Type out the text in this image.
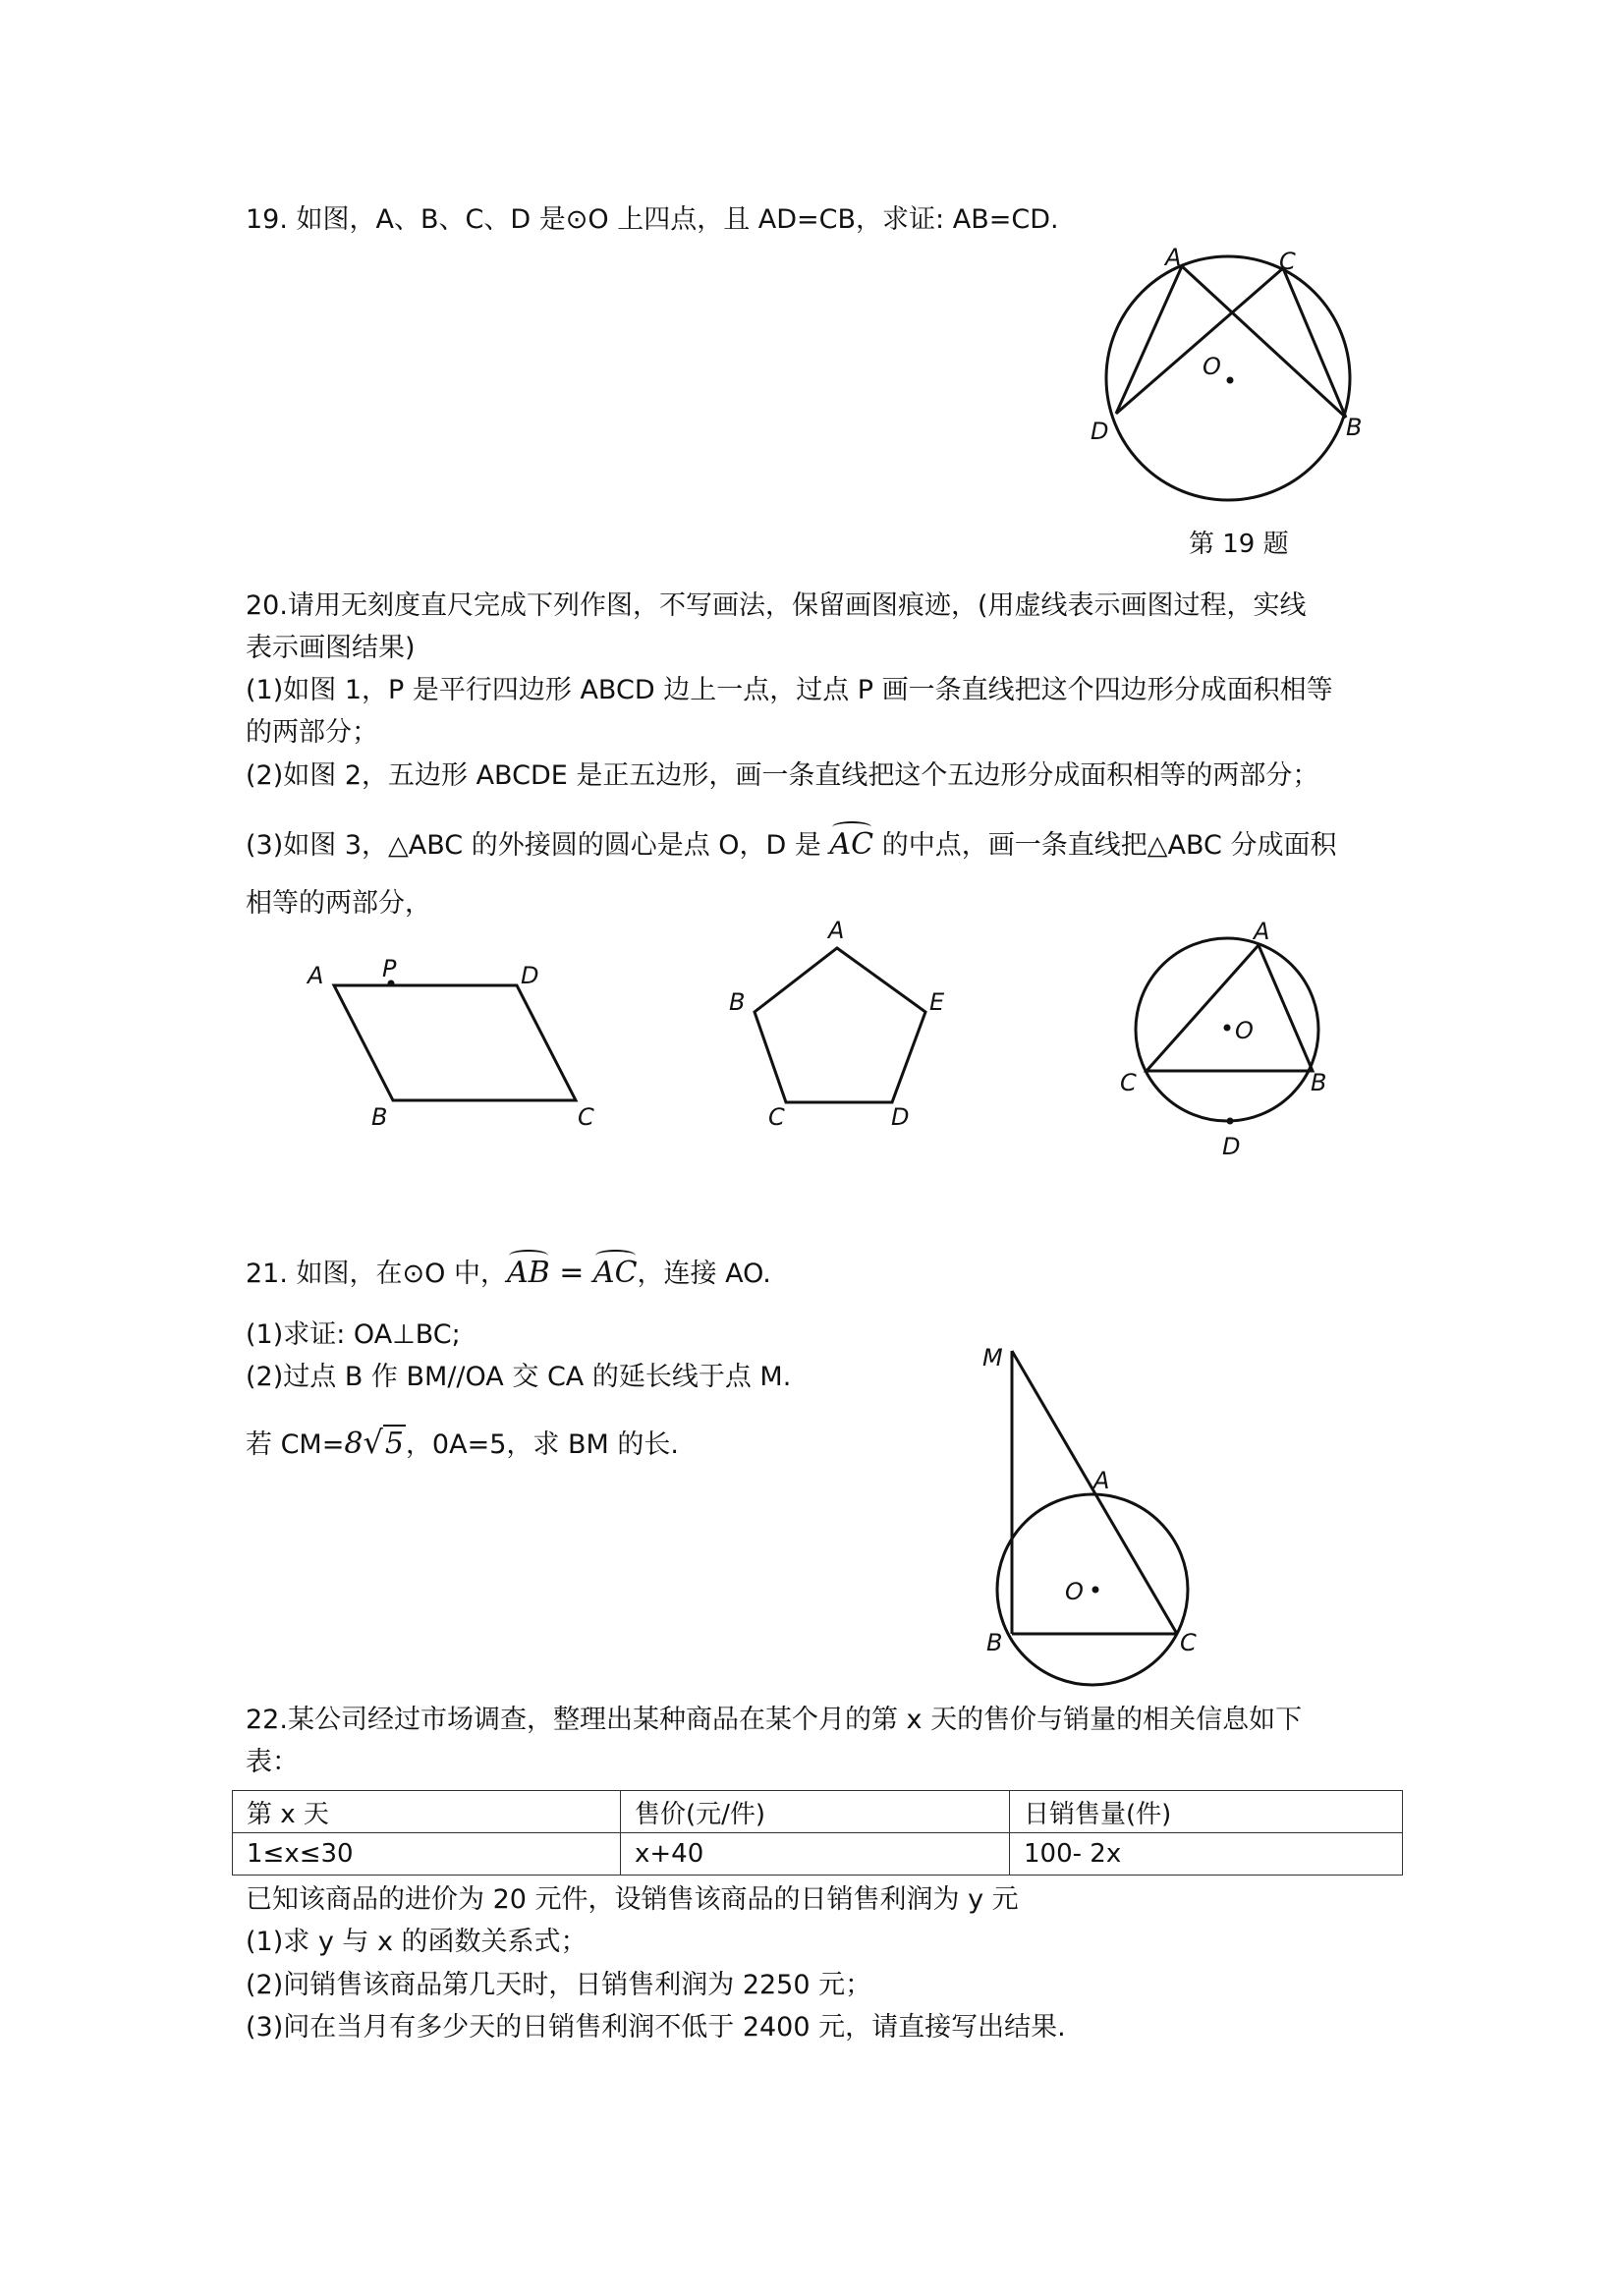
19. 如图，A、B、C、D 是⊙O 上四点，且 AD=CB，求证: AB=CD.
A	C
O
D	B
第 19 题
A P	D
B	C
A
B	E
C	D
A
O
C	B
D
M
A
O
B	C
20.请用无刻度直尺完成下列作图，不写画法，保留画图痕迹，(用虚线表示画图过程，实线
表示画图结果)
(1)如图 1，P 是平行四边形 ABCD 边上一点，过点 P 画一条直线把这个四边形分成面积相等
的两部分；
(2)如图 2，五边形 ABCDE 是正五边形，画一条直线把这个五边形分成面积相等的两部分；
(3)如图 3，△ABC 的外接圆的圆心是点 O，D 是 AC 的中点，画一条直线把△ABC 分成面积
相等的两部分，
21. 如图，在⊙O 中，AB = AC，连接 AO.
(1)求证: OA⊥BC;
(2)过点 B 作 BM//OA 交 CA 的延长线于点 M.
若 CM=8√5，0A=5，求 BM 的长.
22.某公司经过市场调查，整理出某种商品在某个月的第 x 天的售价与销量的相关信息如下
表：
第 x 天	售价(元/件)	日销售量(件)
1≤x≤30	x+40	100- 2x
已知该商品的进价为 20 元件，设销售该商品的日销售利润为 y 元
(1)求 y 与 x 的函数关系式；
(2)问销售该商品第几天时，日销售利润为 2250 元；
(3)问在当月有多少天的日销售利润不低于 2400 元，请直接写出结果.
